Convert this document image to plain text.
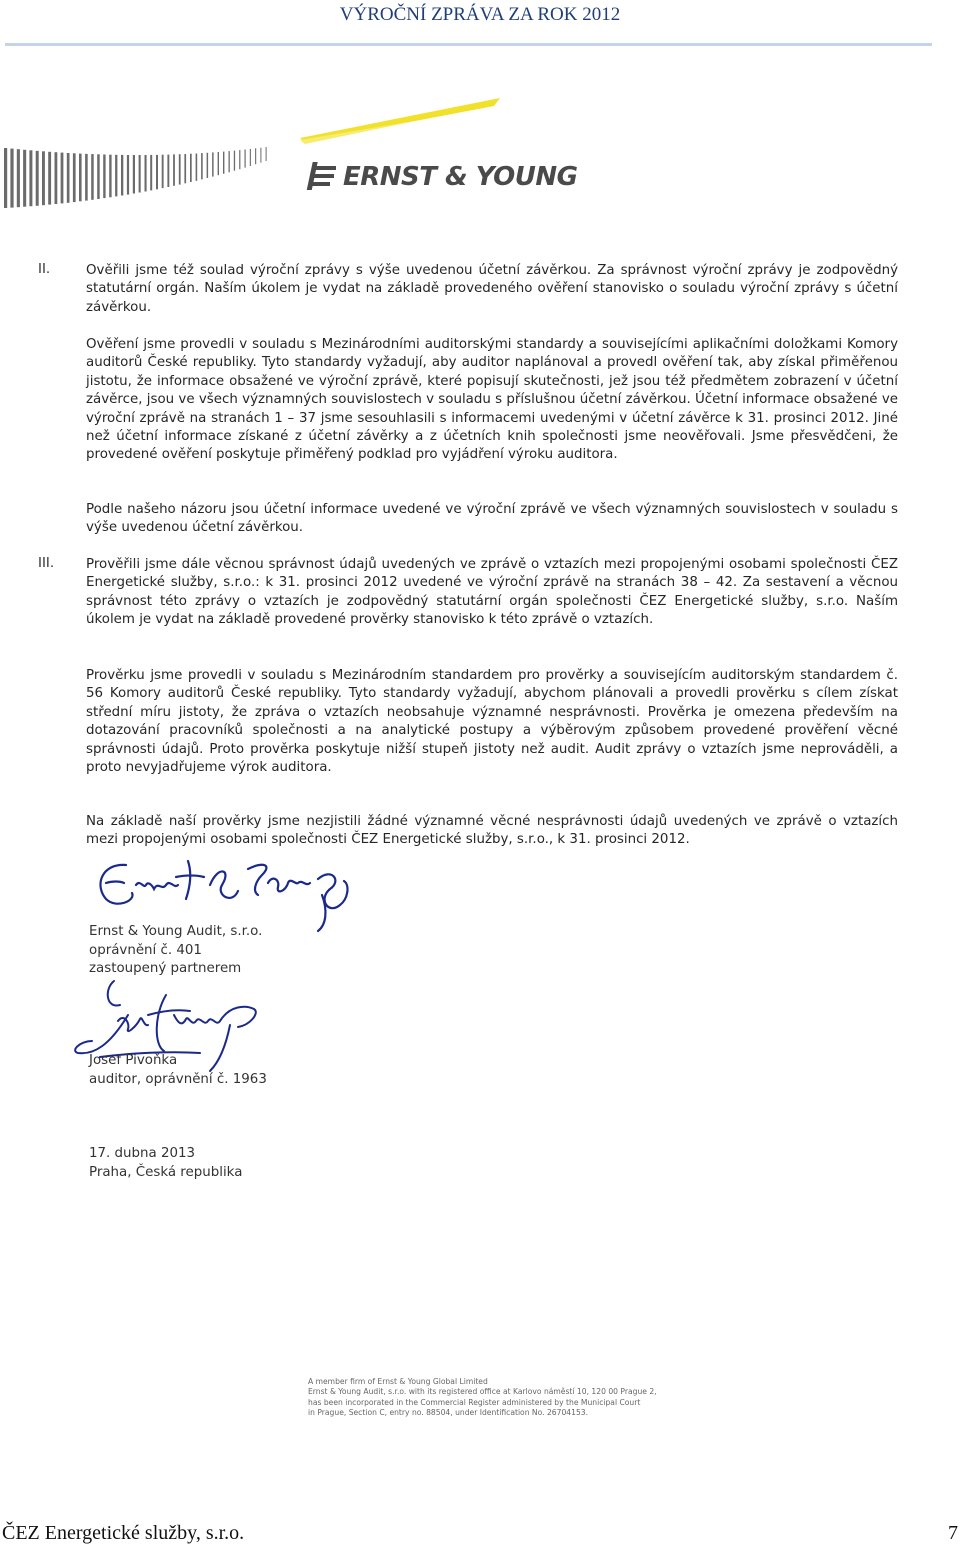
VÝROČNÍ ZPRÁVA ZA ROK 2012
ERNST & YOUNG
II.	Ověřili jsme též soulad výroční zprávy s výše uvedenou účetní závěrkou. Za správnost výroční zprávy je zodpovědný statutární orgán. Naším úkolem je vydat na základě provedeného ověření stanovisko o souladu výroční zprávy s účetní závěrkou.

Ověření jsme provedli v souladu s Mezinárodními auditorskými standardy a souvisejícími aplikačními doložkami Komory auditorů České republiky. Tyto standardy vyžadují, aby auditor naplánoval a provedl ověření tak, aby získal přiměřenou jistotu, že informace obsažené ve výroční zprávě, které popisují skutečnosti, jež jsou též předmětem zobrazení v účetní závěrce, jsou ve všech významných souvislostech v souladu s příslušnou účetní závěrkou. Účetní informace obsažené ve výroční zprávě na stranách 1 – 37 jsme sesouhlasili s informacemi uvedenými v účetní závěrce k 31. prosinci 2012. Jiné než účetní informace získané z účetní závěrky a z účetních knih společnosti jsme neověřovali. Jsme přesvědčeni, že provedené ověření poskytuje přiměřený podklad pro vyjádření výroku auditora.

Podle našeho názoru jsou účetní informace uvedené ve výroční zprávě ve všech významných souvislostech v souladu s výše uvedenou účetní závěrkou.

III. Prověřili jsme dále věcnou správnost údajů uvedených ve zprávě o vztazích mezi propojenými osobami společnosti ČEZ Energetické služby, s.r.o.: k 31. prosinci 2012 uvedené ve výroční zprávě na stranách 38 – 42. Za sestavení a věcnou správnost této zprávy o vztazích je zodpovědný statutární orgán společnosti ČEZ Energetické služby, s.r.o. Naším úkolem je vydat na základě provedené prověrky stanovisko k této zprávě o vztazích.

Prověrku jsme provedli v souladu s Mezinárodním standardem pro prověrky a souvisejícím auditorským standardem č. 56 Komory auditorů České republiky. Tyto standardy vyžadují, abychom plánovali a provedli prověrku s cílem získat střední míru jistoty, že zpráva o vztazích neobsahuje významné nesprávnosti. Prověrka je omezena především na dotazování pracovníků společnosti a na analytické postupy a výběrovým způsobem provedené prověření věcné správnosti údajů. Proto prověrka poskytuje nižší stupeň jistoty než audit. Audit zprávy o vztazích jsme neprováděli, a proto nevyjadřujeme výrok auditora.

Na základě naší prověrky jsme nezjistili žádné významné věcné nesprávnosti údajů uvedených ve zprávě o vztazích mezi propojenými osobami společnosti ČEZ Energetické služby, s.r.o., k 31. prosinci 2012.

Ernst & Young Audit, s.r.o.
oprávnění č. 401
zastoupený partnerem
Josef Pivoňka
auditor, oprávnění č. 1963
17. dubna 2013
Praha, Česká republika
A member firm of Ernst & Young Global Limited
Ernst & Young Audit, s.r.o. with its registered office at Karlovo náměstí 10, 120 00 Prague 2,
has been incorporated in the Commercial Register administered by the Municipal Court
in Prague, Section C, entry no. 88504, under Identification No. 26704153.
ČEZ Energetické služby, s.r.o.	7
